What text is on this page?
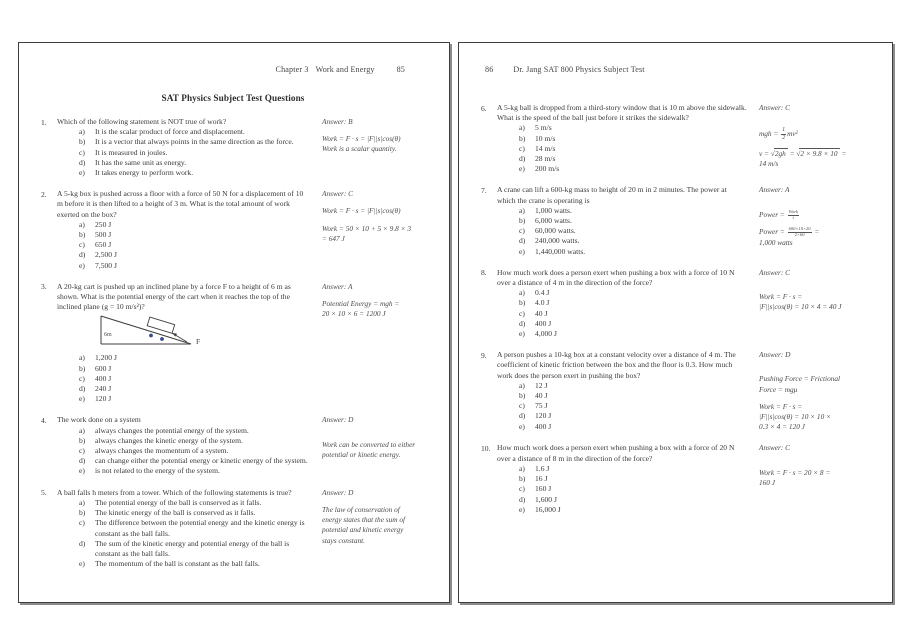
Chapter 3 Work and Energy	85
SAT Physics Subject Test Questions
1.	Which of the following statement is NOT true of work?

a) It is the scalar product of force and displacement.
b) It is a vector that always points in the same direction as the force.
c) It is measured in joules.
d) It has the same unit as energy.
e) It takes energy to perform work.

Answer: B

Work = F · s = |F||s|cos(θ)

Work is a scalar quantity.

2.	A 5-kg box is pushed across a floor with a force of 50 N for a displacement of 10 m before it is then lifted to a height of 3 m. What is the total amount of work exerted on the box?

a) 250 J
b) 500 J
c) 650 J
d) 2,500 J
e) 7,500 J

Answer: C

Work = F · s = |F||s|cos(θ)

Work = 50 × 10 + 5 × 9.8 × 3

= 647 J

3.	A 20-kg cart is pushed up an inclined plane by a force F to a height of 6 m as shown. What is the potential energy of the cart when it reaches the top of the inclined plane (g = 10 m/s²)?

6m
F
a) 1,200 J
b) 600 J
c) 400 J
d) 240 J
e) 120 J

Answer: A

Potential Energy = mgh =

20 × 10 × 6 = 1200 J

4.	The work done on a system

a) always changes the potential energy of the system.
b) always changes the kinetic energy of the system.
c) always changes the momentum of a system.
d) can change either the potential energy or kinetic energy of the system.
e) is not related to the energy of the system.

Answer: D

Work can be converted to either

potential or kinetic energy.

5.	A ball falls h meters from a tower. Which of the following statements is true?

a) The potential energy of the ball is conserved as it falls.
b) The kinetic energy of the ball is conserved as it falls.
c) The difference between the potential energy and the kinetic energy is constant as the ball falls.
d) The sum of the kinetic energy and potential energy of the ball is constant as the ball falls.
e) The momentum of the ball is constant as the ball falls.

Answer: D

The law of conservation of

energy states that the sum of

potential and kinetic energy

stays constant.

86 Dr. Jang SAT 800 Physics Subject Test
6.	A 5-kg ball is dropped from a third-story window that is 10 m above the sidewalk. What is the speed of the ball just before it strikes the sidewalk?

a) 5 m/s
b) 10 m/s
c) 14 m/s
d) 28 m/s
e) 200 m/s

Answer: C

mgh = $\frac{1}{2} mv^2$

v = √2gh = √2 × 9.8 × 10 =

14 m/s

7.	A crane can lift a 600-kg mass to height of 20 m in 2 minutes. The power at which the crane is operating is

a) 1,000 watts.
b) 6,000 watts.
c) 60,000 watts.
d) 240,000 watts.
e) 1,440,000 watts.

Answer: A

Power = $\frac{\text{Work}}{t}$

Power = $\frac{600\times 10\times 20}{2\times 60}$ =

1,000 watts

8.	How much work does a person exert when pushing a box with a force of 10 N over a distance of 4 m in the direction of the force?

a) 0.4 J
b) 4.0 J
c) 40 J
d) 400 J
e) 4,000 J

Answer: C

Work = F · s =

|F||s|cos(θ) = 10 × 4 = 40 J

9.	A person pushes a 10-kg box at a constant velocity over a distance of 4 m. The coefficient of kinetic friction between the box and the floor is 0.3. How much work does the person exert in pushing the box?

a) 12 J
b) 40 J
c) 75 J
d) 120 J
e) 400 J

Answer: D

Pushing Force = Frictional

Force = mgμ

Work = F · s =

|F||s|cos(θ) = 10 × 10 ×

0.3 × 4 = 120 J

10. How much work does a person exert when pushing a box with a force of 20 N over a distance of 8 m in the direction of the force?

a) 1.6 J
b) 16 J
c) 160 J
d) 1,600 J
e) 16,000 J

Answer: C

Work = F · s = 20 × 8 =

160 J
